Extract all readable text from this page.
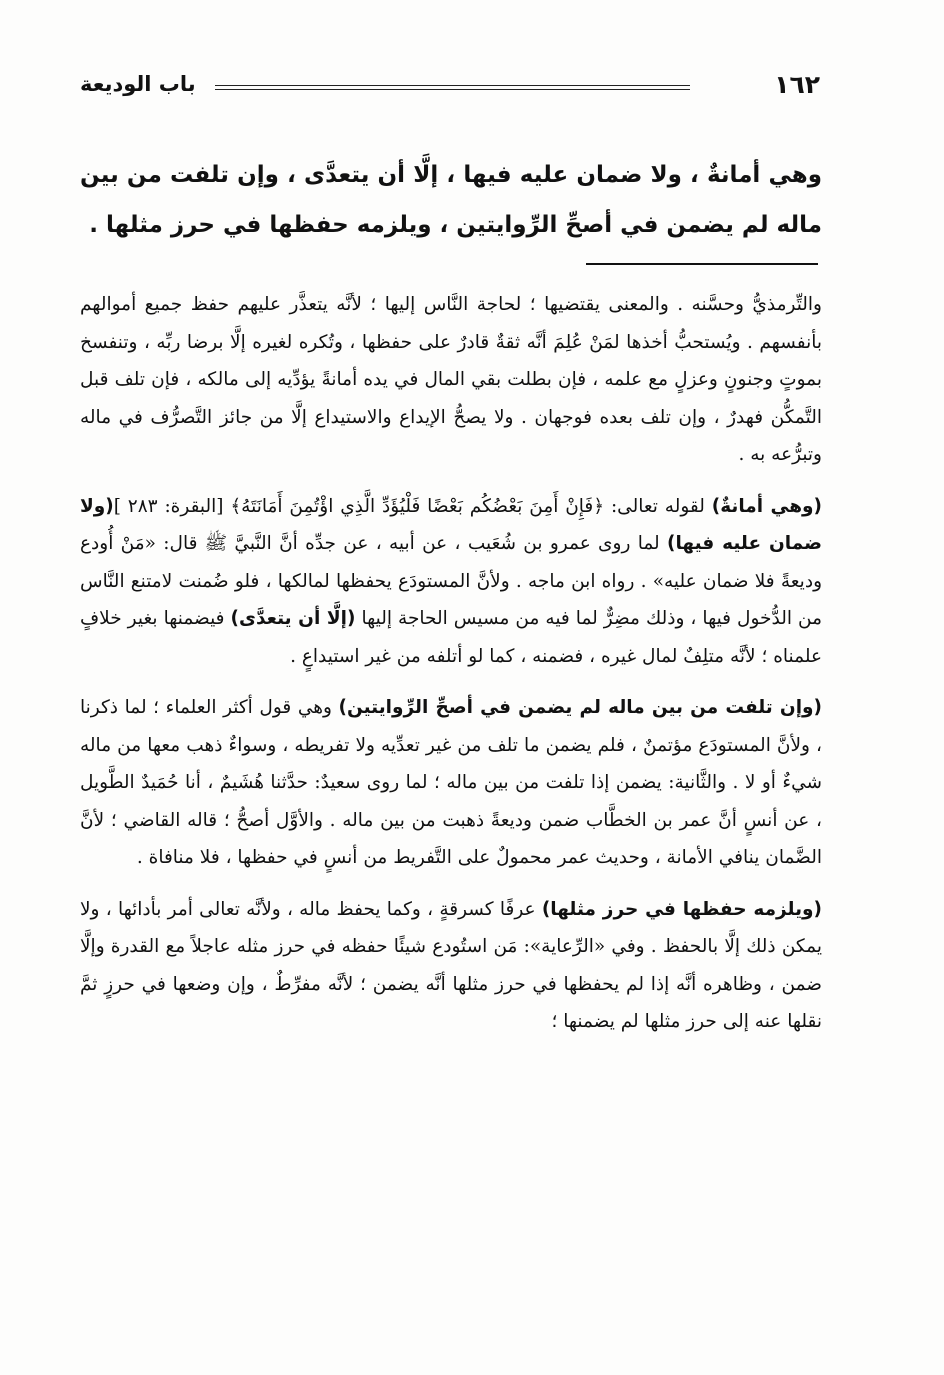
١٦٢
باب الوديعة
وهي أمانةٌ ، ولا ضمان عليه فيها ، إلَّا أن يتعدَّى ، وإن تلفت من بين ماله لم يضمن في أصحِّ الرِّوايتين ، ويلزمه حفظها في حرز مثلها .

والتِّرمذيُّ وحسَّنه . والمعنى يقتضيها ؛ لحاجة النَّاس إليها ؛ لأنَّه يتعذَّر عليهم حفظ جميع أموالهم بأنفسهم . ويُستحبُّ أخذها لمَنْ عُلِمَ أنَّه ثقةٌ قادرٌ على حفظها ، وتُكره لغيره إلَّا برضا ربِّه ، وتنفسخ بموتٍ وجنونٍ وعزلٍ مع علمه ، فإن بطلت بقي المال في يده أمانةً يؤدِّيه إلى مالكه ، فإن تلف قبل التَّمكُّن فهدرٌ ، وإن تلف بعده فوجهان . ولا يصحُّ الإيداع والاستيداع إلَّا من جائز التَّصرُّف في ماله وتبرُّعه به .

(وهي أمانةٌ) لقوله تعالى: ﴿فَإِنْ أَمِنَ بَعْضُكُم بَعْضًا فَلْيُؤَدِّ الَّذِي اؤْتُمِنَ أَمَانَتَهُ﴾ [البقرة: ٢٨٣ ](ولا ضمان عليه فيها) لما روى عمرو بن شُعَيب ، عن أبيه ، عن جدِّه أنَّ النَّبيَّ ﷺ قال: «مَنْ أُودع وديعةً فلا ضمان عليه» . رواه ابن ماجه . ولأنَّ المستودَع يحفظها لمالكها ، فلو ضُمنت لامتنع النَّاس من الدُّخول فيها ، وذلك مضِرٌّ لما فيه من مسيس الحاجة إليها (إلَّا أن يتعدَّى) فيضمنها بغير خلافٍ علمناه ؛ لأنَّه متلِفٌ لمال غيره ، فضمنه ، كما لو أتلفه من غير استيداعٍ .

(وإن تلفت من بين ماله لم يضمن في أصحِّ الرِّوايتين) وهي قول أكثر العلماء ؛ لما ذكرنا ، ولأنَّ المستودَع مؤتمنٌ ، فلم يضمن ما تلف من غير تعدِّيه ولا تفريطه ، وسواءٌ ذهب معها من ماله شيءٌ أو لا . والثَّانية: يضمن إذا تلفت من بين ماله ؛ لما روى سعيدٌ: حدَّثنا هُشَيمٌ ، أنا حُمَيدٌ الطَّويل ، عن أنسٍ أنَّ عمر بن الخطَّاب ضمن وديعةً ذهبت من بين ماله . والأوَّل أصحُّ ؛ قاله القاضي ؛ لأنَّ الضَّمان ينافي الأمانة ، وحديث عمر محمولٌ على التَّفريط من أنسٍ في حفظها ، فلا منافاة .

(ويلزمه حفظها في حرز مثلها) عرفًا كسرقةٍ ، وكما يحفظ ماله ، ولأنَّه تعالى أمر بأدائها ، ولا يمكن ذلك إلَّا بالحفظ . وفي «الرِّعاية»: مَن استُودع شيئًا حفظه في حرز مثله عاجلاً مع القدرة وإلَّا ضمن ، وظاهره أنَّه إذا لم يحفظها في حرز مثلها أنَّه يضمن ؛ لأنَّه مفرِّطٌ ، وإن وضعها في حرزٍ ثمَّ نقلها عنه إلى حرز مثلها لم يضمنها ؛
